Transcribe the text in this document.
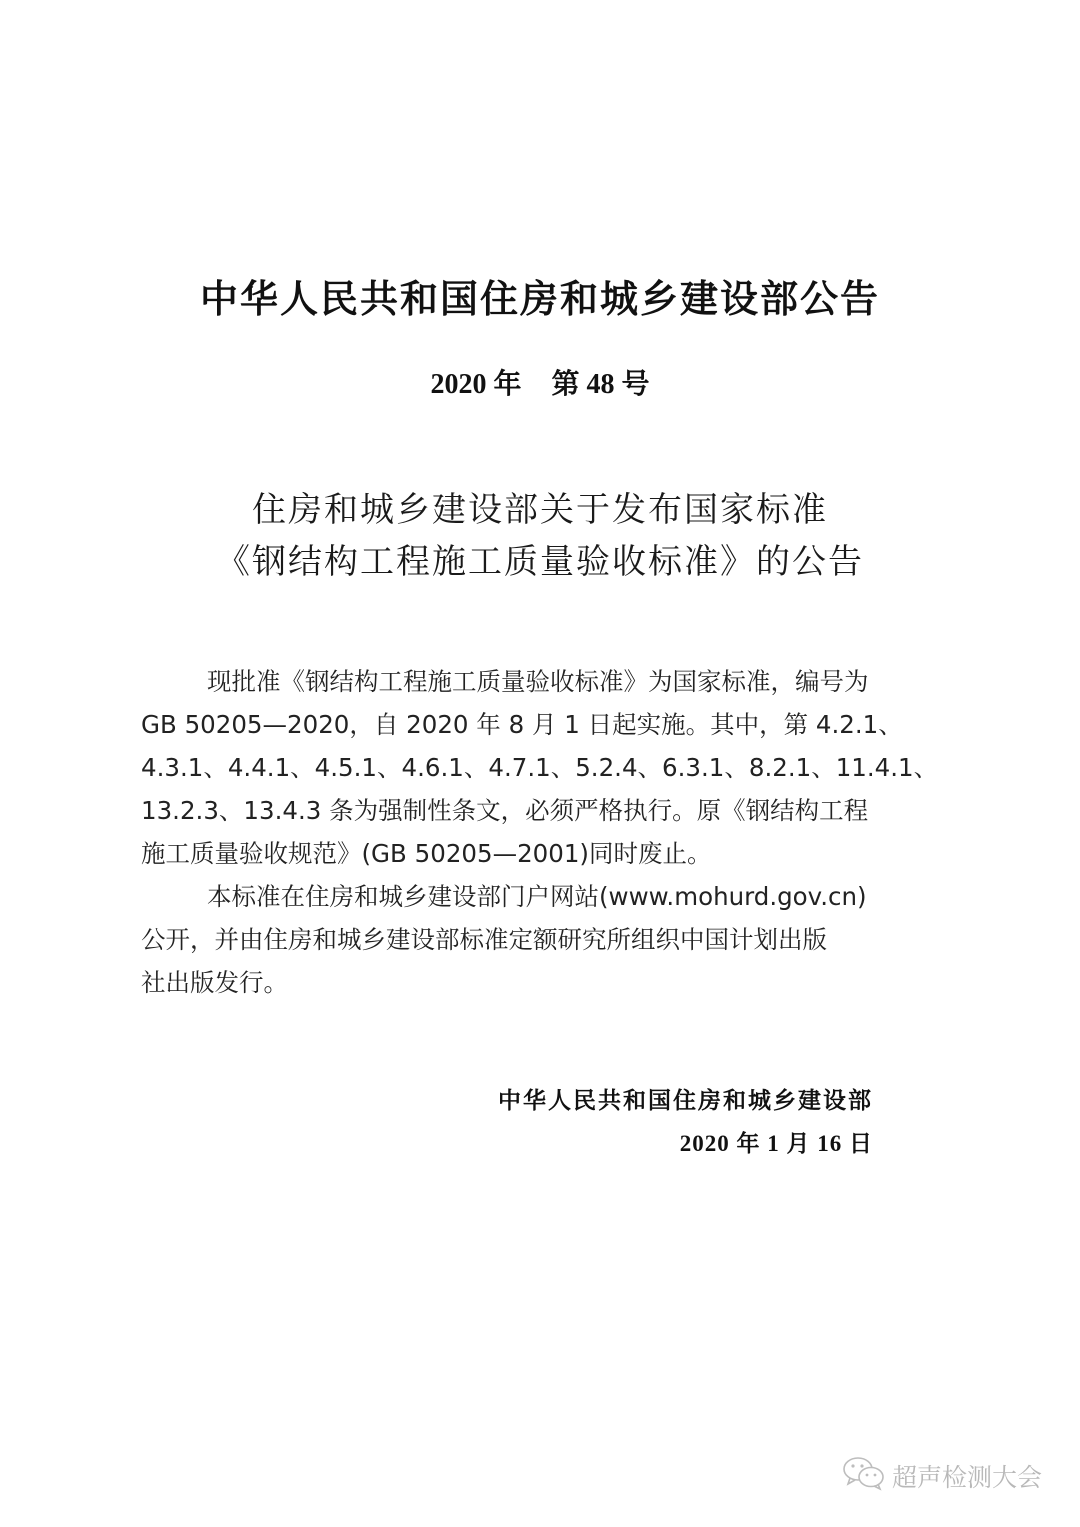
中华人民共和国住房和城乡建设部公告
2020 年 第 48 号
住房和城乡建设部关于发布国家标准
《钢结构工程施工质量验收标准》的公告

现批准《钢结构工程施工质量验收标准》为国家标准，编号为
GB 50205—2020，自 2020 年 8 月 1 日起实施。其中，第 4.2.1、
4.3.1、4.4.1、4.5.1、4.6.1、4.7.1、5.2.4、6.3.1、8.2.1、11.4.1、
13.2.3、13.4.3 条为强制性条文，必须严格执行。原《钢结构工程
施工质量验收规范》(GB 50205—2001)同时废止。

本标准在住房和城乡建设部门户网站(www.mohurd.gov.cn)
公开，并由住房和城乡建设部标准定额研究所组织中国计划出版
社出版发行。

中华人民共和国住房和城乡建设部
2020 年 1 月 16 日
超声检测大会
